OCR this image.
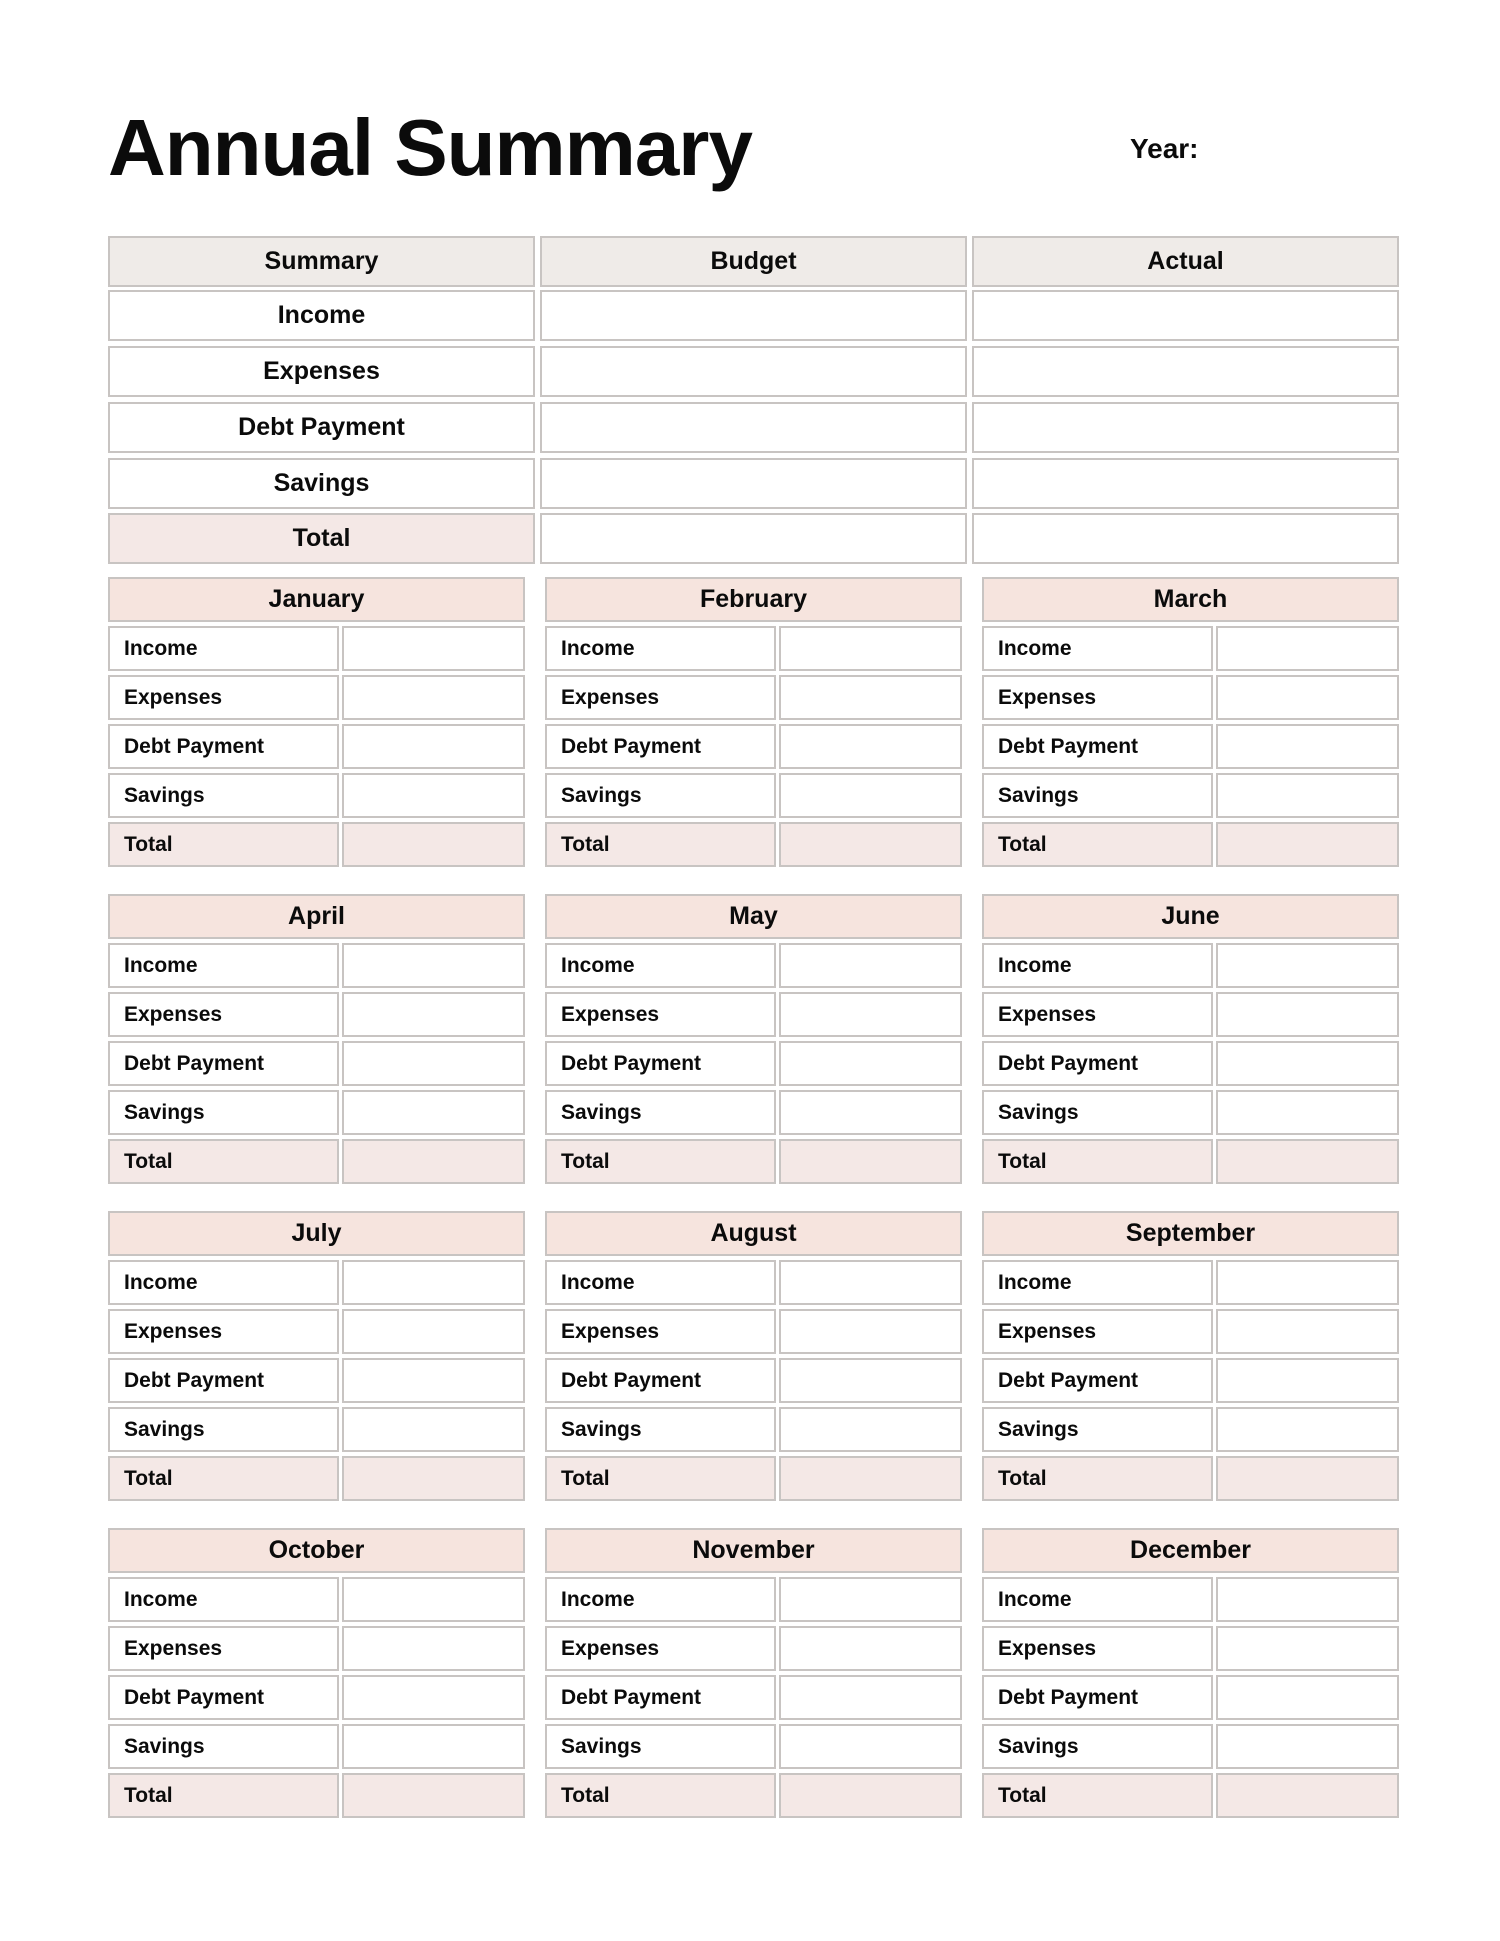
Annual Summary	Year:
Summary	Budget	Actual
Income
Expenses
Debt Payment
Savings
Total
January
Income
Expenses
Debt Payment
Savings
Total
February
Income
Expenses
Debt Payment
Savings
Total
March
Income
Expenses
Debt Payment
Savings
Total
April
Income
Expenses
Debt Payment
Savings
Total
May
Income
Expenses
Debt Payment
Savings
Total
June
Income
Expenses
Debt Payment
Savings
Total
July
Income
Expenses
Debt Payment
Savings
Total
August
Income
Expenses
Debt Payment
Savings
Total
September
Income
Expenses
Debt Payment
Savings
Total
October
Income
Expenses
Debt Payment
Savings
Total
November
Income
Expenses
Debt Payment
Savings
Total
December
Income
Expenses
Debt Payment
Savings
Total
